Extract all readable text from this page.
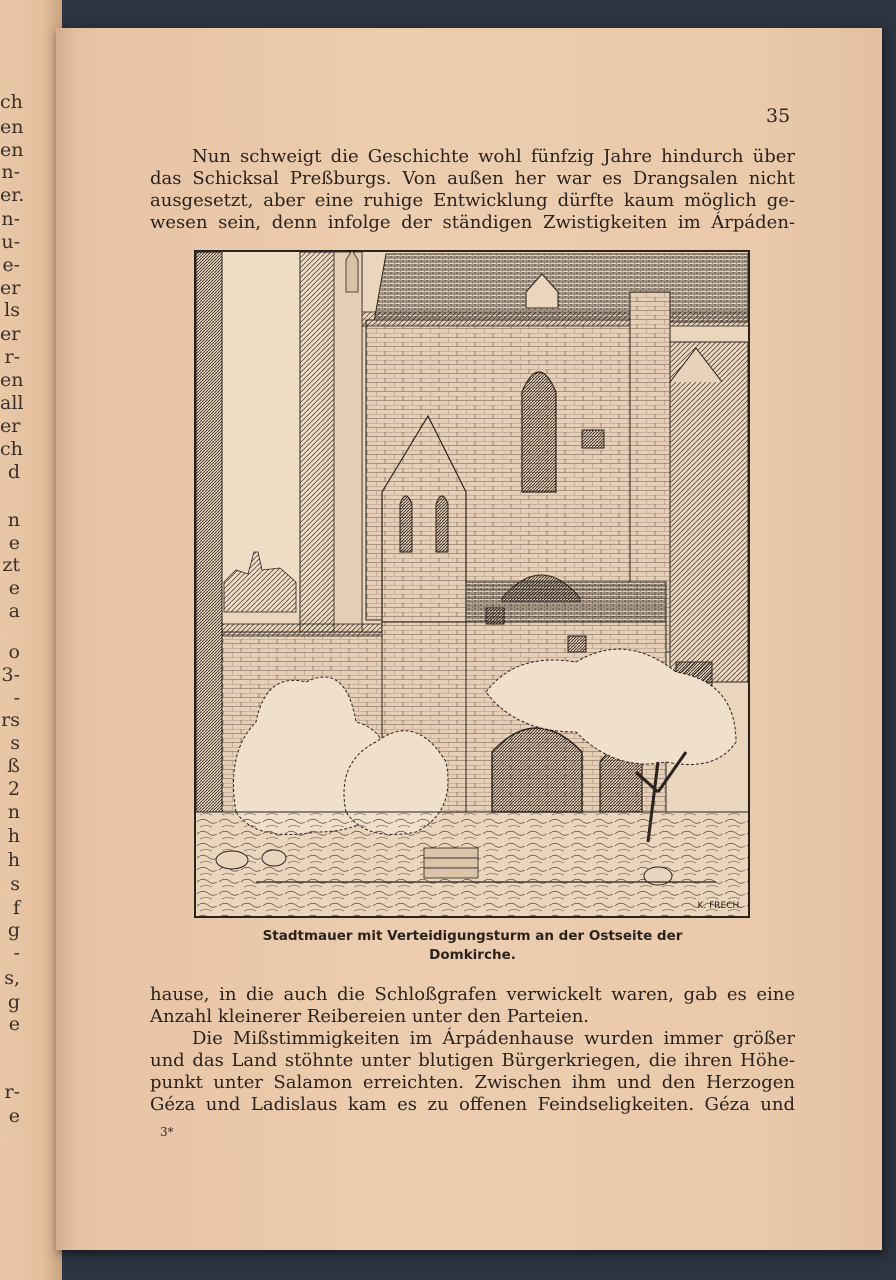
ch
en
en
n-
er.
n-
u-
e-
er
ls
er
r-
en
all
er
ch
d
n
e
zt
e
a
o
3-
-
rs
s
ß
2
n
h
h
s
f
g
-
s,
g
e
r-
e
35

Nun schweigt die Geschichte wohl fünfzig Jahre hindurch über
das Schicksal Preßburgs. Von außen her war es Drangsalen nicht
ausgesetzt, aber eine ruhige Entwicklung dürfte kaum möglich ge-
wesen sein, denn infolge der ständigen Zwistigkeiten im Árpáden-

K. FRECH.
Stadtmauer mit Verteidigungsturm an der Ostseite der
Domkirche.

hause, in die auch die Schloßgrafen verwickelt waren, gab es eine
Anzahl kleinerer Reibereien unter den Parteien.

Die Mißstimmigkeiten im Árpádenhause wurden immer größer
und das Land stöhnte unter blutigen Bürgerkriegen, die ihren Höhe-
punkt unter Salamon erreichten. Zwischen ihm und den Herzogen
Géza und Ladislaus kam es zu offenen Feindseligkeiten. Géza und

3*
